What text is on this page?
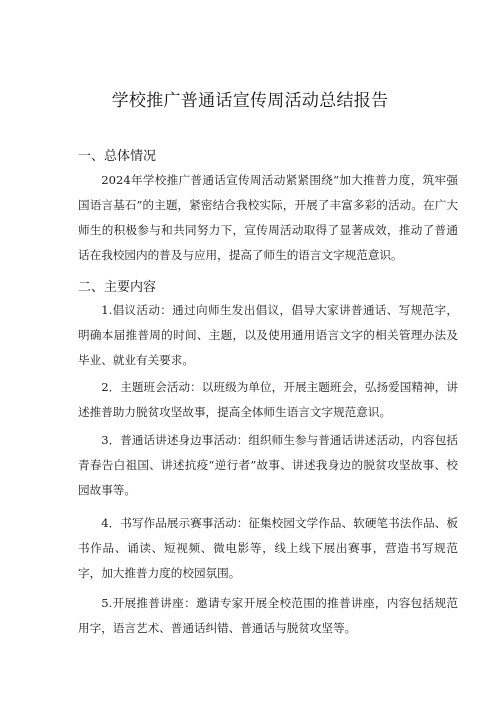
学校推广普通话宣传周活动总结报告
一、总体情况

2024年学校推广普通话宣传周活动紧紧围绕“加大推普力度，筑牢强国语言基石”的主题，紧密结合我校实际，开展了丰富多彩的活动。在广大师生的积极参与和共同努力下，宣传周活动取得了显著成效，推动了普通话在我校园内的普及与应用，提高了师生的语言文字规范意识。

二、主要内容

1.倡议活动：通过向师生发出倡议，倡导大家讲普通话、写规范字，明确本届推普周的时间、主题，以及使用通用语言文字的相关管理办法及毕业、就业有关要求。

2．主题班会活动：以班级为单位，开展主题班会，弘扬爱国精神，讲述推普助力脱贫攻坚故事，提高全体师生语言文字规范意识。

3．普通话讲述身边事活动：组织师生参与普通话讲述活动，内容包括青春告白祖国、讲述抗疫“逆行者”故事、讲述我身边的脱贫攻坚故事、校园故事等。

4．书写作品展示赛事活动：征集校园文学作品、软硬笔书法作品、板书作品、诵读、短视频、微电影等，线上线下展出赛事，营造书写规范字，加大推普力度的校园氛围。

5.开展推普讲座：邀请专家开展全校范围的推普讲座，内容包括规范用字，语言艺术、普通话纠错、普通话与脱贫攻坚等。
